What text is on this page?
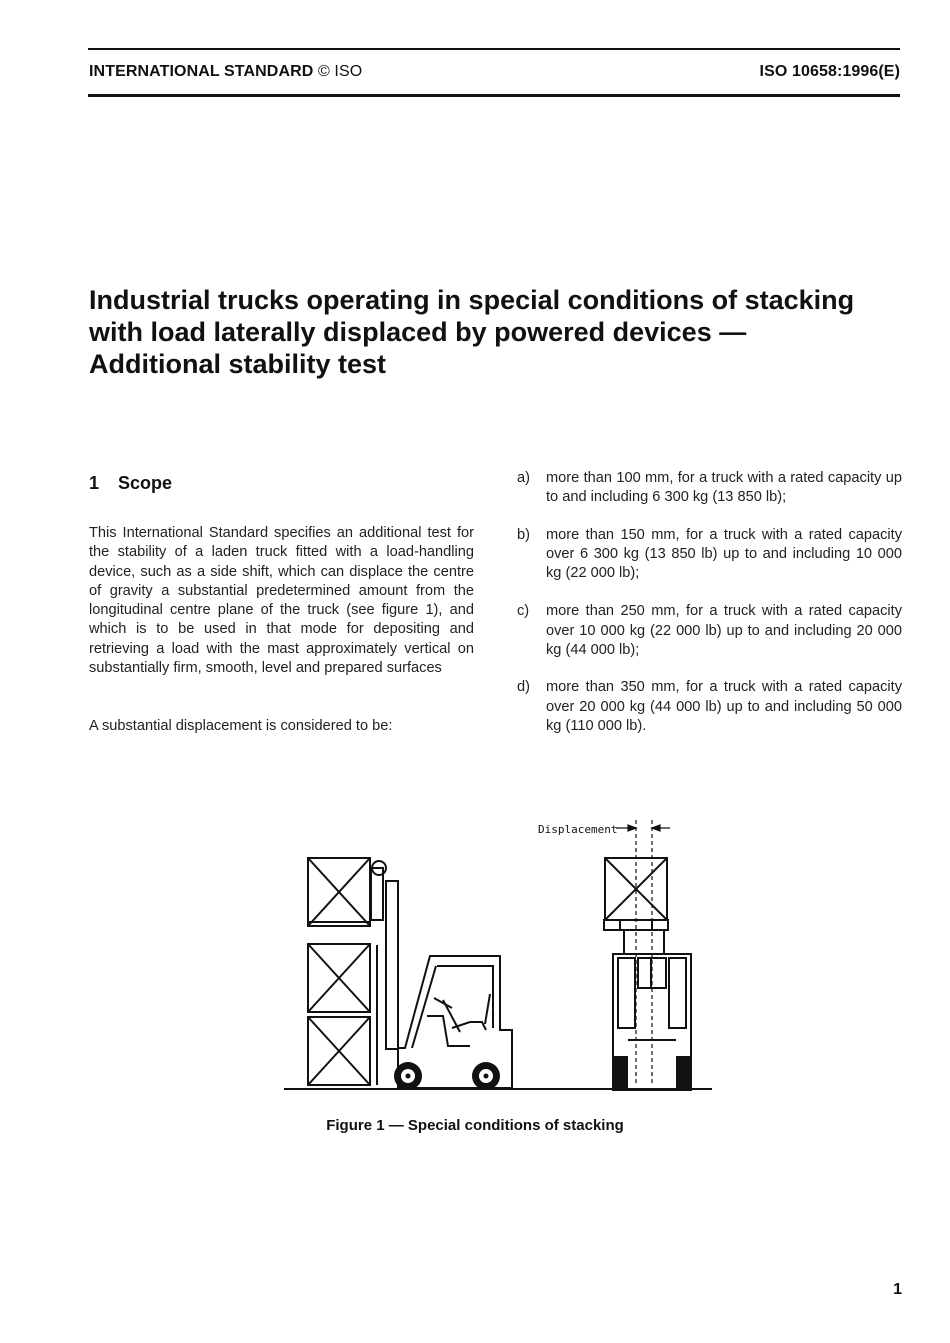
INTERNATIONAL STANDARD © ISO	ISO 10658:1996(E)
Industrial trucks operating in special conditions of stacking with load laterally displaced by powered devices — Additional stability test
1 Scope

This International Standard specifies an additional test for the stability of a laden truck fitted with a load-handling device, such as a side shift, which can displace the centre of gravity a substantial predetermined amount from the longitudinal centre plane of the truck (see figure 1), and which is to be used in that mode for depositing and retrieving a load with the mast approximately vertical on substantially firm, smooth, level and prepared surfaces

A substantial displacement is considered to be:

a) more than 100 mm, for a truck with a rated capacity up to and including 6 300 kg (13 850 lb);
b) more than 150 mm, for a truck with a rated capacity over 6 300 kg (13 850 lb) up to and including 10 000 kg (22 000 lb);
c) more than 250 mm, for a truck with a rated capacity over 10 000 kg (22 000 lb) up to and including 20 000 kg (44 000 lb);
d) more than 350 mm, for a truck with a rated capacity over 20 000 kg (44 000 lb) up to and including 50 000 kg (110 000 lb).
Displacement

Figure 1 — Special conditions of stacking

1
